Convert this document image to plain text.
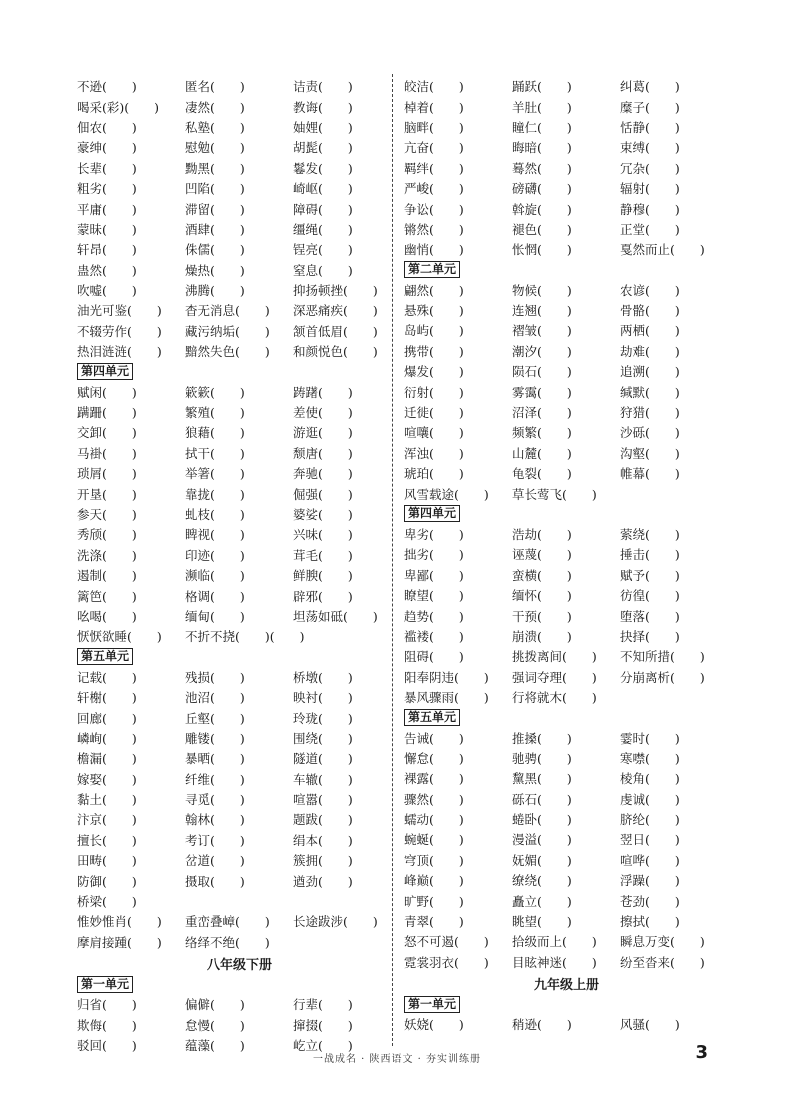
不逊(　　)	匿名(　　)	诘责(　　)
喝采(彩)(　　)	凄然(　　)	教诲(　　)
佃农(　　)	私塾(　　)	妯娌(　　)
豪绅(　　)	慰勉(　　)	胡髭(　　)
长辈(　　)	黝黑(　　)	鬈发(　　)
粗劣(　　)	凹陷(　　)	崎岖(　　)
平庸(　　)	滞留(　　)	障碍(　　)
蒙昧(　　)	酒肆(　　)	缰绳(　　)
轩昂(　　)	侏儒(　　)	锃亮(　　)
蛊然(　　)	燥热(　　)	窒息(　　)
吹嘘(　　)	沸腾(　　)	抑扬顿挫(　　)
油光可鉴(　　)	杳无消息(　　)	深恶痛疾(　　)
不辍劳作(　　)	藏污纳垢(　　)	颔首低眉(　　)
热泪涟涟(　　)	黯然失色(　　)	和颜悦色(　　)
第四单元
赋闲(　　)	簌簌(　　)	踌躇(　　)
蹒跚(　　)	繁殖(　　)	差使(　　)
交卸(　　)	狼藉(　　)	游逛(　　)
马褂(　　)	拭干(　　)	颓唐(　　)
琐屑(　　)	举箸(　　)	奔驰(　　)
开垦(　　)	靠拢(　　)	倔强(　　)
参天(　　)	虬枝(　　)	婆娑(　　)
秀颀(　　)	睥视(　　)	兴味(　　)
洗涤(　　)	印迹(　　)	茸毛(　　)
遏制(　　)	濒临(　　)	鲜腴(　　)
篱笆(　　)	格调(　　)	辟邪(　　)
吆喝(　　)	缅甸(　　)	坦荡如砥(　　)
恹恹欲睡(　　)	不折不挠(　　)(　　)
第五单元
记载(　　)	残损(　　)	桥墩(　　)
轩榭(　　)	池沼(　　)	映衬(　　)
回廊(　　)	丘壑(　　)	玲珑(　　)
嶙峋(　　)	雕镂(　　)	围绕(　　)
檐漏(　　)	暴晒(　　)	隧道(　　)
嫁娶(　　)	纤维(　　)	车辙(　　)
黏土(　　)	寻觅(　　)	喧嚣(　　)
汴京(　　)	翰林(　　)	题跋(　　)
擅长(　　)	考订(　　)	绢本(　　)
田畴(　　)	岔道(　　)	簇拥(　　)
防御(　　)	摄取(　　)	遒劲(　　)
桥梁(　　)
惟妙惟肖(　　)	重峦叠嶂(　　)	长途跋涉(　　)
摩肩接踵(　　)	络绎不绝(　　)
八年级下册
第一单元
归省(　　)	偏僻(　　)	行辈(　　)
欺侮(　　)	怠慢(　　)	撺掇(　　)
驳回(　　)	蕴藻(　　)	屹立(　　)
皎洁(　　)	踊跃(　　)	纠葛(　　)
棹着(　　)	羊肚(　　)	糜子(　　)
脑畔(　　)	瞳仁(　　)	恬静(　　)
亢奋(　　)	晦暗(　　)	束缚(　　)
羁绊(　　)	蓦然(　　)	冗杂(　　)
严峻(　　)	磅礴(　　)	辐射(　　)
争讼(　　)	斡旋(　　)	静穆(　　)
锵然(　　)	褪色(　　)	正堂(　　)
幽悄(　　)	怅惘(　　)	戛然而止(　　)
第二单元
翩然(　　)	物候(　　)	农谚(　　)
悬殊(　　)	连翘(　　)	骨骼(　　)
岛屿(　　)	褶皱(　　)	两栖(　　)
携带(　　)	潮汐(　　)	劫难(　　)
爆发(　　)	陨石(　　)	追溯(　　)
衍射(　　)	雾霭(　　)	缄默(　　)
迁徙(　　)	沼泽(　　)	狩猎(　　)
喧嚷(　　)	频繁(　　)	沙砾(　　)
浑浊(　　)	山麓(　　)	沟壑(　　)
琥珀(　　)	龟裂(　　)	帷幕(　　)
风雪载途(　　)	草长莺飞(　　)
第四单元
卑劣(　　)	浩劫(　　)	萦绕(　　)
拙劣(　　)	诬蔑(　　)	捶击(　　)
卑鄙(　　)	蛮横(　　)	赋予(　　)
瞭望(　　)	缅怀(　　)	彷徨(　　)
趋势(　　)	干预(　　)	堕落(　　)
褴褛(　　)	崩溃(　　)	抉择(　　)
阻碍(　　)	挑拨离间(　　)	不知所措(　　)
阳奉阴违(　　)	强词夺理(　　)	分崩离析(　　)
暴风骤雨(　　)	行将就木(　　)
第五单元
告诫(　　)	推搡(　　)	霎时(　　)
懈怠(　　)	驰骋(　　)	寒噤(　　)
裸露(　　)	黧黑(　　)	棱角(　　)
骤然(　　)	砾石(　　)	虔诚(　　)
蠕动(　　)	蜷卧(　　)	脐纶(　　)
蜿蜒(　　)	漫溢(　　)	翌日(　　)
穹顶(　　)	妩媚(　　)	喧哗(　　)
峰巅(　　)	缭绕(　　)	浮躁(　　)
旷野(　　)	矗立(　　)	苍劲(　　)
青翠(　　)	眺望(　　)	擦拭(　　)
怒不可遏(　　)	拾级而上(　　)	瞬息万变(　　)
霓裳羽衣(　　)	目眩神迷(　　)	纷至沓来(　　)
九年级上册
第一单元
妖娆(　　)	稍逊(　　)	风骚(　　)
一战成名 · 陕西语文 · 夯实训练册	3
